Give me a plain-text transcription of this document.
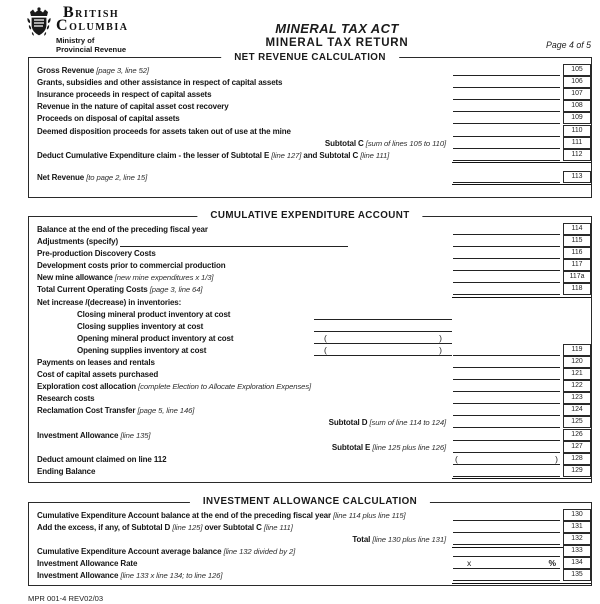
BRITISH
COLUMBIA
Ministry of
Provincial Revenue
MINERAL TAX ACT
MINERAL TAX RETURN	Page 4 of 5
NET REVENUE CALCULATION
Gross Revenue [page 3, line 52]	105
Grants, subsidies and other assistance in respect of capital assets	106
Insurance proceeds in respect of capital assets	107
Revenue in the nature of capital asset cost recovery	108
Proceeds on disposal of capital assets	109
Deemed disposition proceeds for assets taken out of use at the mine	110
Subtotal C [sum of lines 105 to 110]	111
Deduct Cumulative Expenditure claim - the lesser of Subtotal E [line 127] and Subtotal C [line 111]	112
Net Revenue [to page 2, line 15]	113
CUMULATIVE EXPENDITURE ACCOUNT
Balance at the end of the preceding fiscal year	114
Adjustments (specify)	115
Pre-production Discovery Costs	116
Development costs prior to commercial production	117
New mine allowance [new mine expenditures x 1/3]	117a
Total Current Operating Costs [page 3, line 64]	118
Net increase /(decrease) in inventories:
Closing mineral product inventory at cost
Closing supplies inventory at cost
Opening mineral product inventory at cost	(	)
Opening supplies inventory at cost	(	)	119
Payments on leases and rentals	120
Cost of capital assets purchased	121
Exploration cost allocation [complete Election to Allocate Exploration Expenses]	122
Research costs	123
Reclamation Cost Transfer [page 5, line 146]	124
Subtotal D [sum of line 114 to 124]	125
Investment Allowance [line 135]	126
Subtotal E [line 125 plus line 126]	127
Deduct amount claimed on line 112	(	)	128
Ending Balance	129
INVESTMENT ALLOWANCE CALCULATION
Cumulative Expenditure Account balance at the end of the preceding fiscal year [line 114 plus line 115]	130
Add the excess, if any, of Subtotal D [line 125] over Subtotal C [line 111]	131
Total [line 130 plus line 131]	132
Cumulative Expenditure Account average balance [line 132 divided by 2]	133
Investment Allowance Rate	x	%	134
Investment Allowance [line 133 x line 134; to line 126]	135
MPR 001-4 REV02/03
